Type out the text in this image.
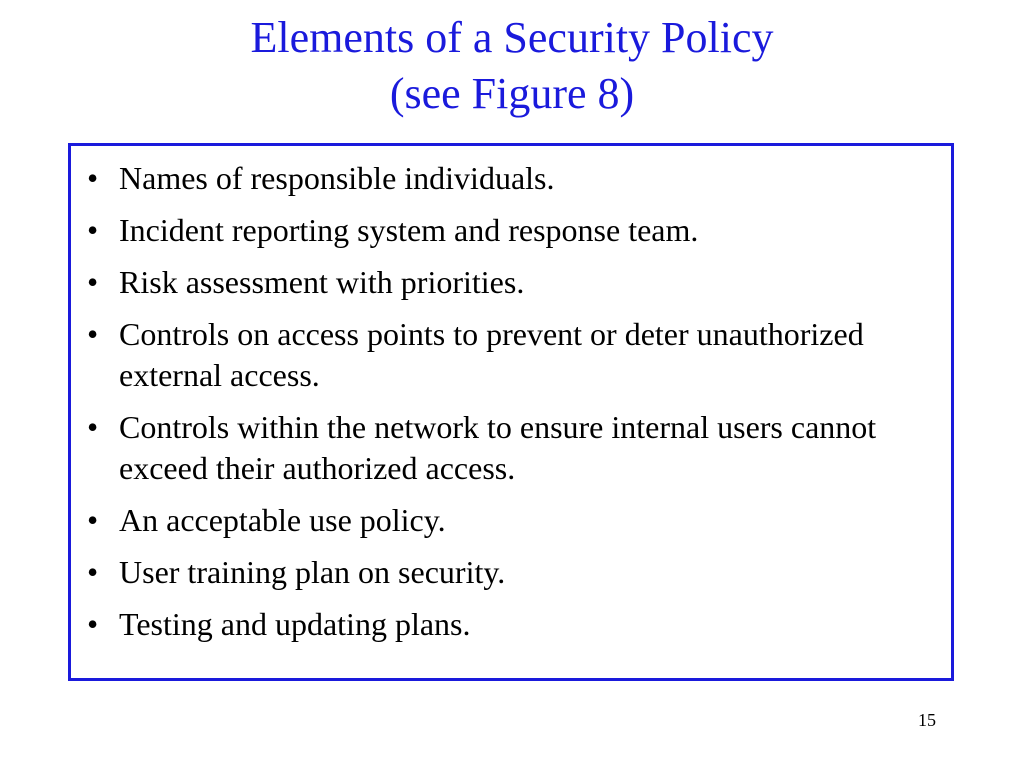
Elements of a Security Policy
(see Figure 8)
• Names of responsible individuals.
• Incident reporting system and response team.
• Risk assessment with priorities.
• Controls on access points to prevent or deter unauthorized external access.
• Controls within the network to ensure internal users cannot exceed their authorized access.
• An acceptable use policy.
• User training plan on security.
• Testing and updating plans.
15
